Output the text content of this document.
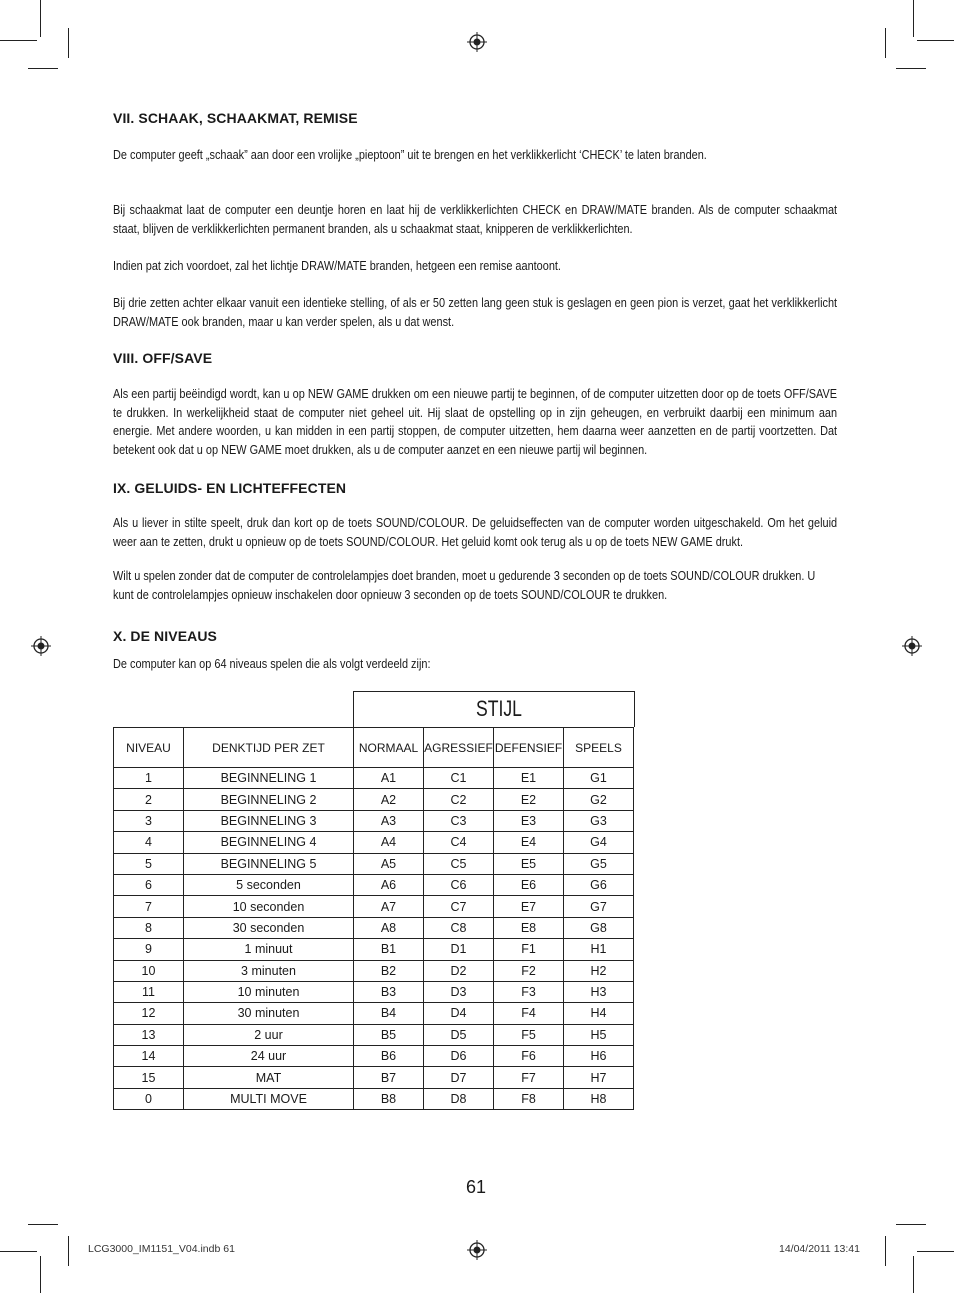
VII. SCHAAK, SCHAAKMAT, REMISE
De computer geeft „schaak” aan door een vrolijke „pieptoon” uit te brengen en het verklikkerlicht ‘CHECK’ te laten branden.
Bij schaakmat laat de computer een deuntje horen en laat hij de verklikkerlichten CHECK en DRAW/MATE branden. Als de computer schaakmat staat, blijven de verklikkerlichten permanent branden, als u schaakmat staat, knipperen de verklikkerlichten.
Indien pat zich voordoet, zal het lichtje DRAW/MATE branden, hetgeen een remise aantoont.
Bij drie zetten achter elkaar vanuit een identieke stelling, of als er 50 zetten lang geen stuk is geslagen en geen pion is verzet, gaat het verklikkerlicht DRAW/MATE ook branden, maar u kan verder spelen, als u dat wenst.
VIII. OFF/SAVE
Als een partij beëindigd wordt, kan u op NEW GAME drukken om een nieuwe partij te beginnen, of de computer uitzetten door op de toets OFF/SAVE te drukken. In werkelijkheid staat de computer niet geheel uit. Hij slaat de opstelling op in zijn geheugen, en verbruikt daarbij een minimum aan energie. Met andere woorden, u kan midden in een partij stoppen, de computer uitzetten, hem daarna weer aanzetten en de partij voortzetten. Dat betekent ook dat u op NEW GAME moet drukken, als u de computer aanzet en een nieuwe partij wil beginnen.
IX. GELUIDS- EN LICHTEFFECTEN
Als u liever in stilte speelt, druk dan kort op de toets SOUND/COLOUR. De geluidseffecten van de computer worden uitgeschakeld. Om het geluid weer aan te zetten, drukt u opnieuw op de toets SOUND/COLOUR. Het geluid komt ook terug als u op de toets NEW GAME drukt.
Wilt u spelen zonder dat de computer de controlelampjes doet branden, moet u gedurende 3 seconden op de toets SOUND/COLOUR drukken. U kunt de controlelampjes opnieuw inschakelen door opnieuw 3 seconden op de toets SOUND/COLOUR te drukken.
X. DE NIVEAUS
De computer kan op 64 niveaus spelen die als volgt verdeeld zijn:
STIJL
NIVEAU	DENKTIJD PER ZET	NORMAAL	AGRESSIEF	DEFENSIEF	SPEELS
1	BEGINNELING 1	A1	C1	E1	G1
2	BEGINNELING 2	A2	C2	E2	G2
3	BEGINNELING 3	A3	C3	E3	G3
4	BEGINNELING 4	A4	C4	E4	G4
5	BEGINNELING 5	A5	C5	E5	G5
6	5 seconden	A6	C6	E6	G6
7	10 seconden	A7	C7	E7	G7
8	30 seconden	A8	C8	E8	G8
9	1 minuut	B1	D1	F1	H1
10	3 minuten	B2	D2	F2	H2
11	10 minuten	B3	D3	F3	H3
12	30 minuten	B4	D4	F4	H4
13	2 uur	B5	D5	F5	H5
14	24 uur	B6	D6	F6	H6
15	MAT	B7	D7	F7	H7
0	MULTI MOVE	B8	D8	F8	H8
61
LCG3000_IM1151_V04.indb 61	14/04/2011 13:41
